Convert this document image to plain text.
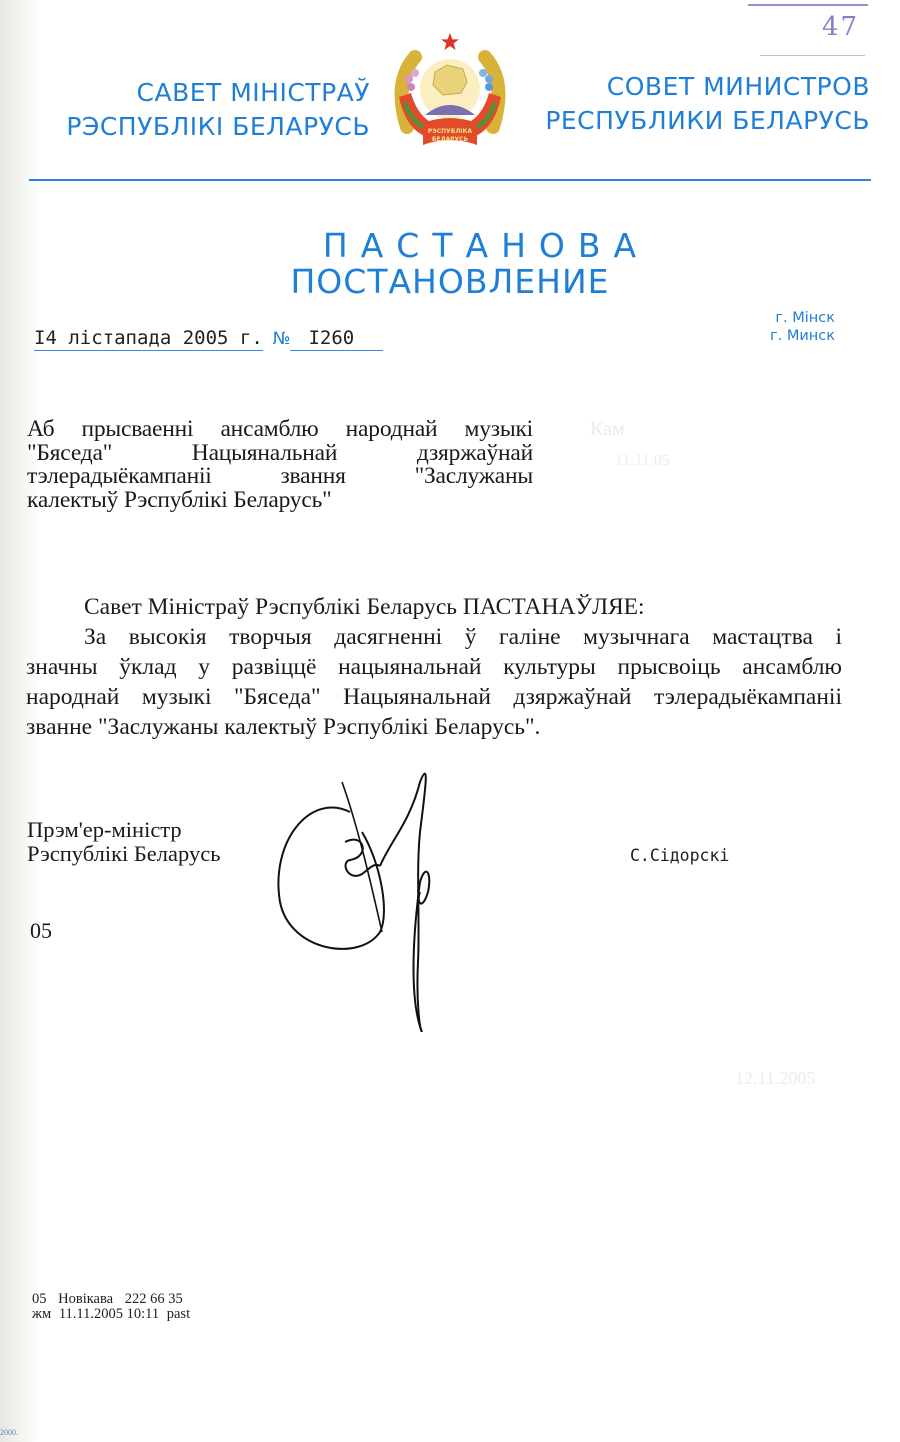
Кам
11.11.05
12.11.2005
47
САВЕТ МІНІСТРАЎ
РЭСПУБЛІКІ БЕЛАРУСЬ	РЭСПУБЛІКА
БЕЛАРУСЬ
СОВЕТ МИНИСТРОВ
РЕСПУБЛИКИ БЕЛАРУСЬ
ПАСТАНОВА
ПОСТАНОВЛЕНИЕ
г. Мінск
г. Минск
I4 лістапада 2005 г. № I260
Аб прысваенні ансамблю народнай музыкі
"Бяседа" Нацыянальнай дзяржаўнай
тэлерадыёкампаніі звання "Заслужаны
калектыў Рэспублікі Беларусь"
Савет Міністраў Рэспублікі Беларусь ПАСТАНАЎЛЯЕ:
За высокія творчыя дасягненні ў галіне музычнага мастацтва і
значны ўклад у развіццё нацыянальнай культуры прысвоіць ансамблю
народнай музыкі "Бяседа" Нацыянальнай дзяржаўнай тэлерадыёкампаніі
званне "Заслужаны калектыў Рэспублікі Беларусь".
Прэм'ер-міністр
Рэспублікі Беларусь	С.Сідорскі
05
05 Новікава 222 66 35
жм 11.11.2005 10:11 past
2000.
